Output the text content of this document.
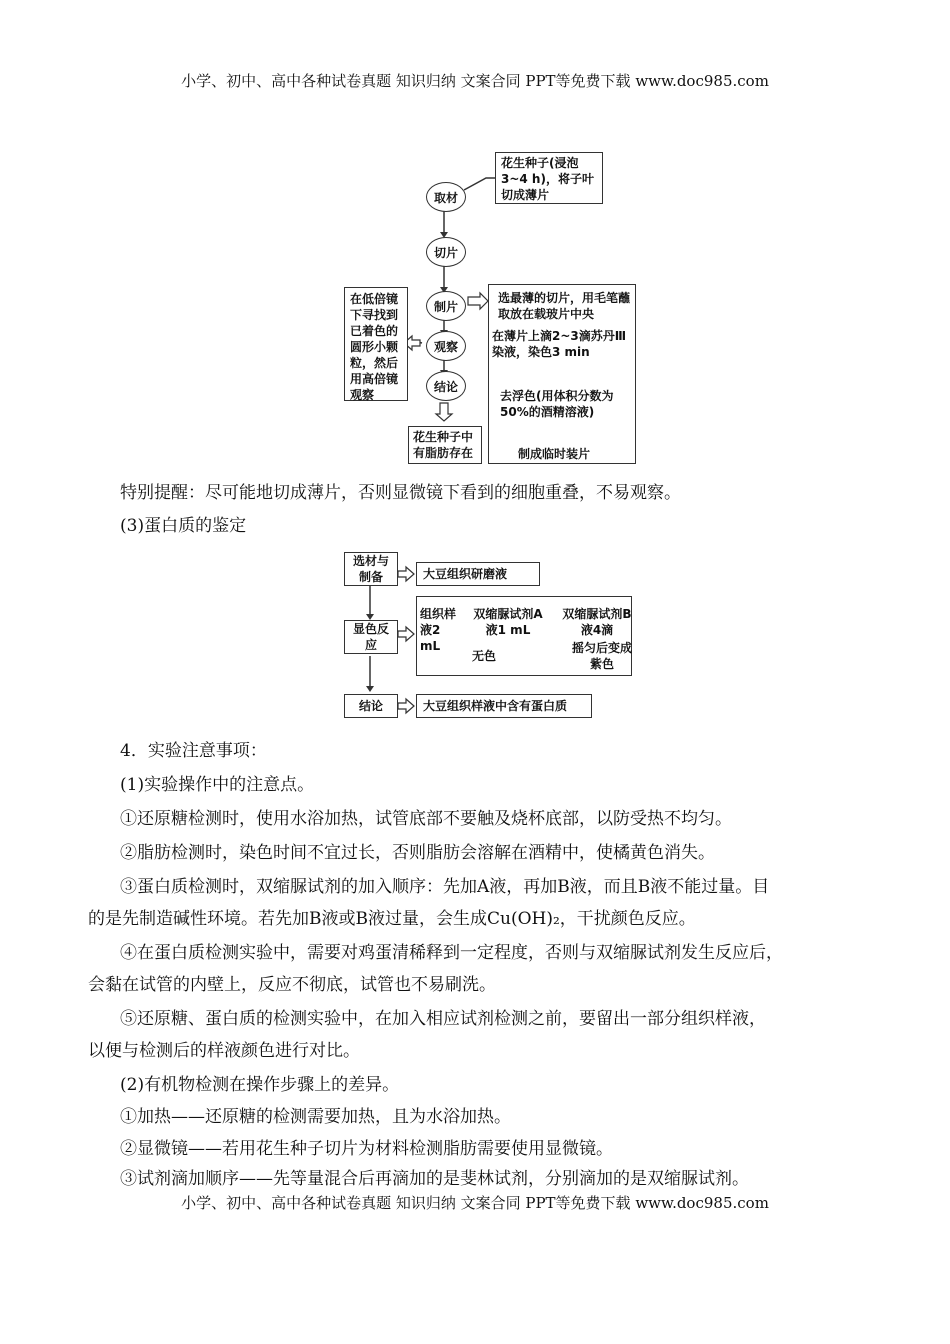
小学、初中、高中各种试卷真题 知识归纳 文案合同 PPT等免费下载 www.doc985.com
取材
花生种子(浸泡3~4 h)，将子叶切成薄片
切片
制片
观察
结论
在低倍镜下寻找到已着色的圆形小颗粒，然后用高倍镜观察
花生种子中有脂肪存在
选最薄的切片，用毛笔蘸取放在载玻片中央
在薄片上滴2~3滴苏丹Ⅲ染液，染色3 min
去浮色(用体积分数为50%的酒精溶液)
制成临时装片
特别提醒：尽可能地切成薄片，否则显微镜下看到的细胞重叠，不易观察。
(3)蛋白质的鉴定
选材与制备	大豆组织研磨液
显色反应
组织样液2 mL
双缩脲试剂A液1 mL
无色
双缩脲试剂B液4滴
摇匀后变成紫色
结论	大豆组织样液中含有蛋白质
4．实验注意事项：
(1)实验操作中的注意点。
①还原糖检测时，使用水浴加热，试管底部不要触及烧杯底部，以防受热不均匀。
②脂肪检测时，染色时间不宜过长，否则脂肪会溶解在酒精中，使橘黄色消失。
③蛋白质检测时，双缩脲试剂的加入顺序：先加A液，再加B液，而且B液不能过量。目
的是先制造碱性环境。若先加B液或B液过量，会生成Cu(OH)₂，干扰颜色反应。
④在蛋白质检测实验中，需要对鸡蛋清稀释到一定程度，否则与双缩脲试剂发生反应后，
会黏在试管的内壁上，反应不彻底，试管也不易刷洗。
⑤还原糖、蛋白质的检测实验中，在加入相应试剂检测之前，要留出一部分组织样液，
以便与检测后的样液颜色进行对比。
(2)有机物检测在操作步骤上的差异。
①加热——还原糖的检测需要加热，且为水浴加热。
②显微镜——若用花生种子切片为材料检测脂肪需要使用显微镜。
③试剂滴加顺序——先等量混合后再滴加的是斐林试剂，分别滴加的是双缩脲试剂。
小学、初中、高中各种试卷真题 知识归纳 文案合同 PPT等免费下载 www.doc985.com
